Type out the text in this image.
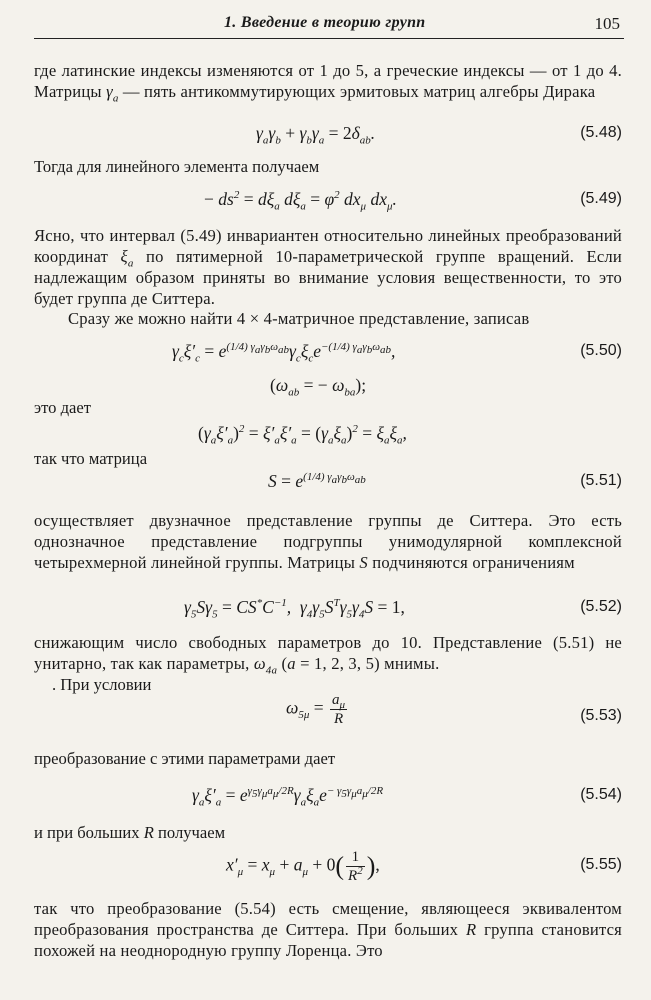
1. Введение в теорию групп	105
где латинские индексы изменяются от 1 до 5, а греческие индексы — от 1 до 4. Матрицы $\gamma_a$ — пять антикоммутирующих эрмитовых матриц алгебры Дирака
$\gamma_a\gamma_b + \gamma_b\gamma_a = 2\delta_{ab}$.	(5.48)
Тогда для линейного элемента получаем
− $ds^2 = d\xi_a$ $d\xi_a = \varphi^2$ $dx_\mu$ $dx_\mu$.	(5.49)
Ясно, что интервал (5.49) инвариантен относительно линейных преобразований координат $\xi_a$ по пятимерной 10-параметрической группе вращений. Если надлежащим образом приняты во внимание условия вещественности, то это будет группа де Ситтера.
Сразу же можно найти 4 × 4-матричное представление, записав
$\gamma_c\xi'_c = e^{(1/4) \gamma_a\gamma_b\omega_{ab}}\gamma_c\xi_ce^{-(1/4) \gamma_a\gamma_b\omega_{ab}}$,	(5.50)
($\omega_{ab}$ = − $\omega_{ba}$);
это дает
$(\gamma_a\xi'_a)^2 = \xi'_a\xi'_a = (\gamma_a\xi_a)^2 = \xi_a\xi_a$,
так что матрица
$S = e^{(1/4) \gamma_a\gamma_b\omega_{ab}}$	(5.51)
осуществляет двузначное представление группы де Ситтера. Это есть однозначное представление подгруппы унимодулярной комплексной четырехмерной линейной группы. Матрицы S подчиняются ограничениям
$\gamma_5S\gamma_5 = CS^*C^{-1}$,  $\gamma_4\gamma_5S^T\gamma_5\gamma_4S = 1$,	(5.52)
снижающим число свободных параметров до 10. Представление (5.51) не унитарно, так как параметры, $\omega_{4a}$ (a = 1, 2, 3, 5) мнимы.
. При условии
$\omega_{5\mu} = \frac{a_\mu}{R}$	(5.53)
преобразование с этими параметрами дает
$\gamma_a\xi'_a = e^{\gamma_5\gamma_\mu a_\mu/2R}\gamma_a\xi_ae^{- \gamma_5\gamma_\mu a_\mu/2R}$	(5.54)
и при больших R получаем
$x'_\mu = x_\mu + a_\mu + 0( \frac{1}{R^2}$ ),	(5.55)
так что преобразование (5.54) есть смещение, являющееся эквивалентом преобразования пространства де Ситтера. При больших R группа становится похожей на неоднородную группу Лоренца. Это
